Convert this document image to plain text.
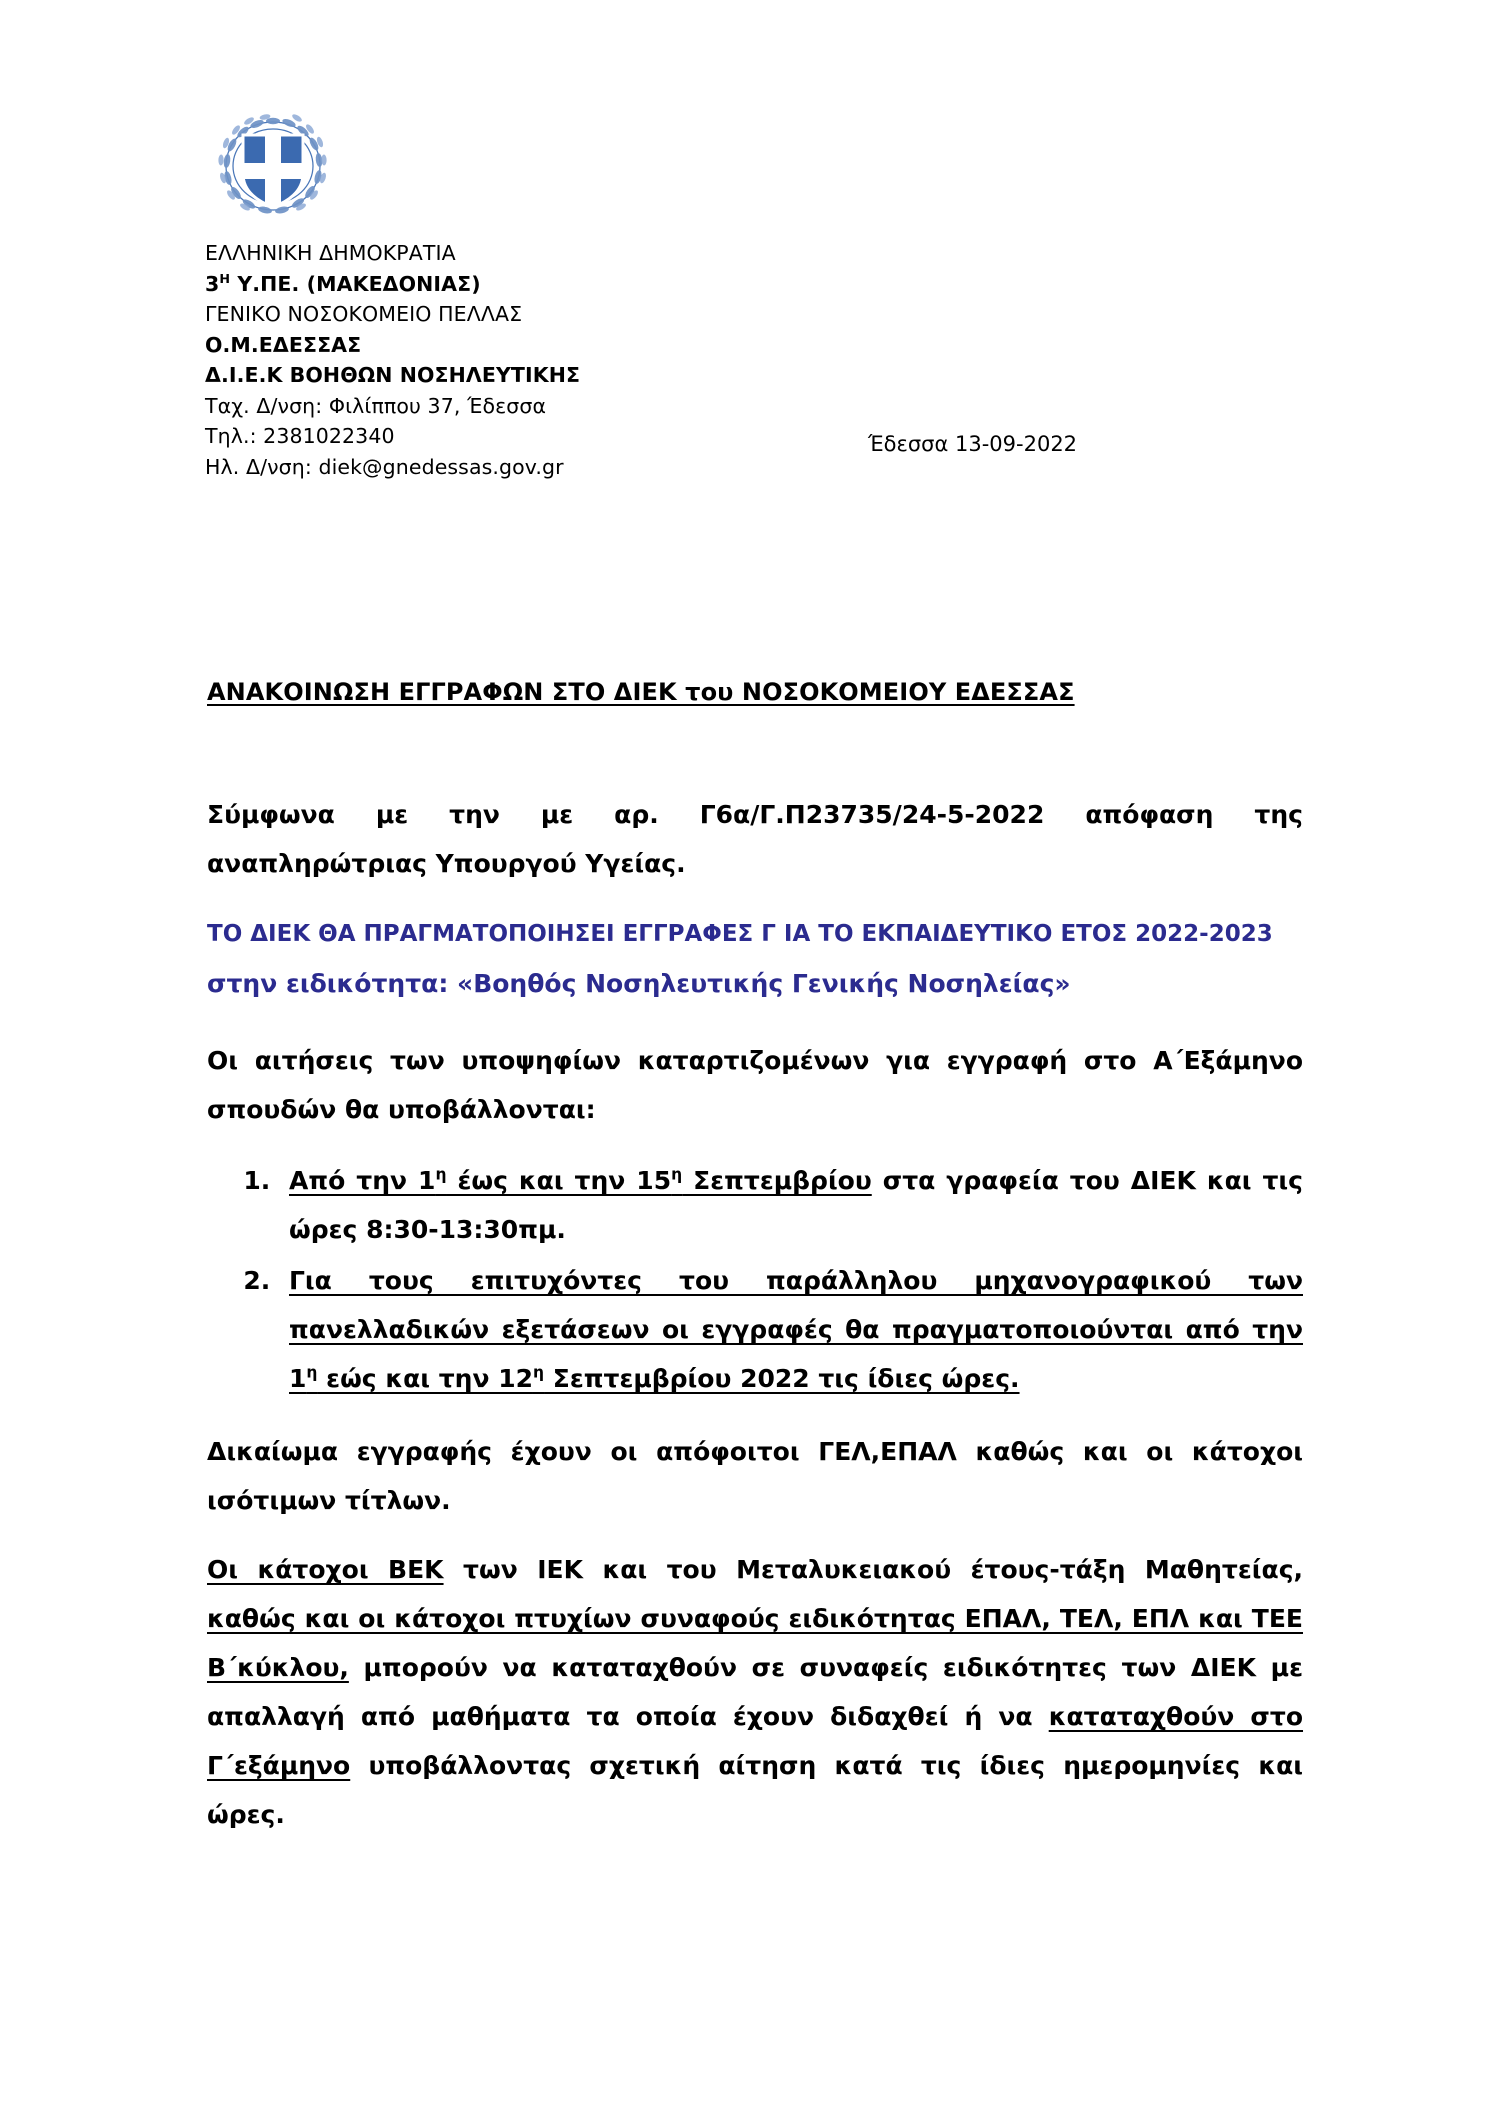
ΕΛΛΗΝΙΚΗ ΔΗΜΟΚΡΑΤΙΑ
$3^H$ Υ.ΠΕ. (ΜΑΚΕΔΟΝΙΑΣ)
ΓΕΝΙΚΟ ΝΟΣΟΚΟΜΕΙΟ ΠΕΛΛΑΣ
Ο.Μ.ΕΔΕΣΣΑΣ
Δ.Ι.Ε.Κ ΒΟΗΘΩΝ ΝΟΣΗΛΕΥΤΙΚΗΣ
Ταχ. Δ/νση: Φιλίππου 37, Έδεσσα
Τηλ.: 2381022340
Ηλ. Δ/νση: diek@gnedessas.gov.gr
Έδεσσα 13-09-2022
ΑΝΑΚΟΙΝΩΣΗ ΕΓΓΡΑΦΩΝ ΣΤΟ ΔΙΕΚ του ΝΟΣΟΚΟΜΕΙΟΥ ΕΔΕΣΣΑΣ

Σύμφωνα με την με αρ. Γ6α/Γ.Π23735/24-5-2022 απόφαση της αναπληρώτριας Υπουργού Υγείας.

ΤΟ ΔΙΕΚ ΘΑ ΠΡΑΓΜΑΤΟΠΟΙΗΣΕΙ ΕΓΓΡΑΦΕΣ Γ ΙΑ ΤΟ ΕΚΠΑΙΔΕΥΤΙΚΟ ΕΤΟΣ 2022-2023
στην ειδικότητα: «Βοηθός Νοσηλευτικής Γενικής Νοσηλείας»

Οι αιτήσεις των υποψηφίων καταρτιζομένων για εγγραφή στο Α΄Εξάμηνο σπουδών θα υποβάλλονται:

1. Από την $1^\eta$ έως και την $15^\eta$ Σεπτεμβρίου στα γραφεία του ΔΙΕΚ και τις ώρες 8:30-13:30πμ.
2. Για τους επιτυχόντες του παράλληλου μηχανογραφικού των πανελλαδικών εξετάσεων οι εγγραφές θα πραγματοποιούνται από την $1^\eta$ εώς και την $12^\eta$ Σεπτεμβρίου 2022 τις ίδιες ώρες.

Δικαίωμα εγγραφής έχουν οι απόφοιτοι ΓΕΛ,ΕΠΑΛ καθώς και οι κάτοχοι ισότιμων τίτλων.

Οι κάτοχοι ΒΕΚ των ΙΕΚ και του Μεταλυκειακού έτους-τάξη Μαθητείας, καθώς και οι κάτοχοι πτυχίων συναφούς ειδικότητας ΕΠΑΛ, ΤΕΛ, ΕΠΛ και ΤΕΕ Β΄κύκλου, μπορούν να καταταχθούν σε συναφείς ειδικότητες των ΔΙΕΚ με απαλλαγή από μαθήματα τα οποία έχουν διδαχθεί ή να καταταχθούν στο Γ΄εξάμηνο υποβάλλοντας σχετική αίτηση κατά τις ίδιες ημερομηνίες και ώρες.
